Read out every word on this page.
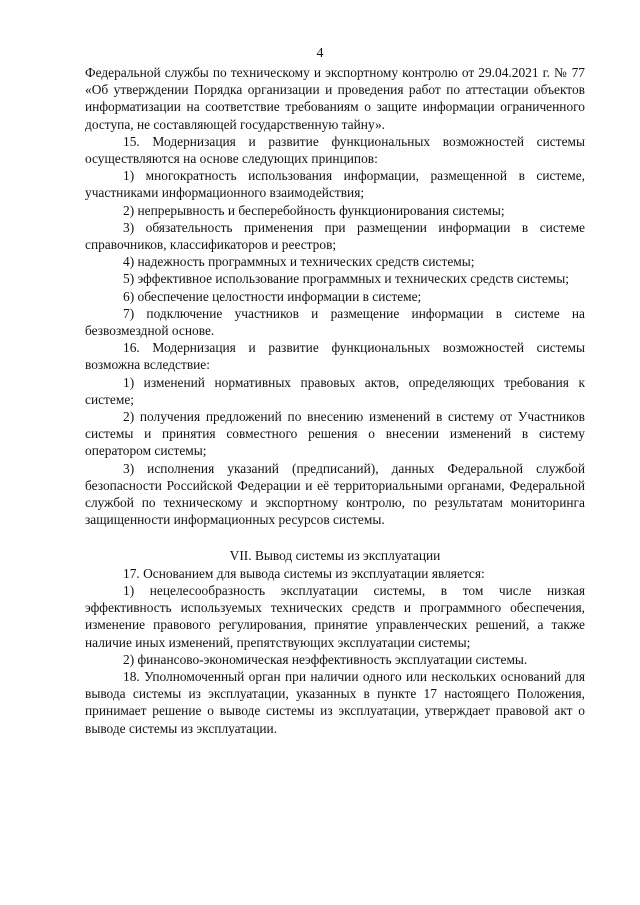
4

Федеральной службы по техническому и экспортному контролю от 29.04.2021 г. № 77 «Об утверждении Порядка организации и проведения работ по аттестации объектов информатизации на соответствие требованиям о защите информации ограниченного доступа, не составляющей государственную тайну».

15. Модернизация и развитие функциональных возможностей системы осуществляются на основе следующих принципов:

1) многократность использования информации, размещенной в системе, участниками информационного взаимодействия;

2) непрерывность и бесперебойность функционирования системы;

3) обязательность применения при размещении информации в системе справочников, классификаторов и реестров;

4) надежность программных и технических средств системы;

5) эффективное использование программных и технических средств системы;

6) обеспечение целостности информации в системе;

7) подключение участников и размещение информации в системе на безвозмездной основе.

16. Модернизация и развитие функциональных возможностей системы возможна вследствие:

1) изменений нормативных правовых актов, определяющих требования к системе;

2) получения предложений по внесению изменений в систему от Участников системы и принятия совместного решения о внесении изменений в систему оператором системы;

3) исполнения указаний (предписаний), данных Федеральной службой безопасности Российской Федерации и её территориальными органами, Федеральной службой по техническому и экспортному контролю, по результатам мониторинга защищенности информационных ресурсов системы.

VII. Вывод системы из эксплуатации

17. Основанием для вывода системы из эксплуатации является:

1) нецелесообразность эксплуатации системы, в том числе низкая эффективность используемых технических средств и программного обеспечения, изменение правового регулирования, принятие управленческих решений, а также наличие иных изменений, препятствующих эксплуатации системы;

2) финансово-экономическая неэффективность эксплуатации системы.

18. Уполномоченный орган при наличии одного или нескольких оснований для вывода системы из эксплуатации, указанных в пункте 17 настоящего Положения, принимает решение о выводе системы из эксплуатации, утверждает правовой акт о выводе системы из эксплуатации.
